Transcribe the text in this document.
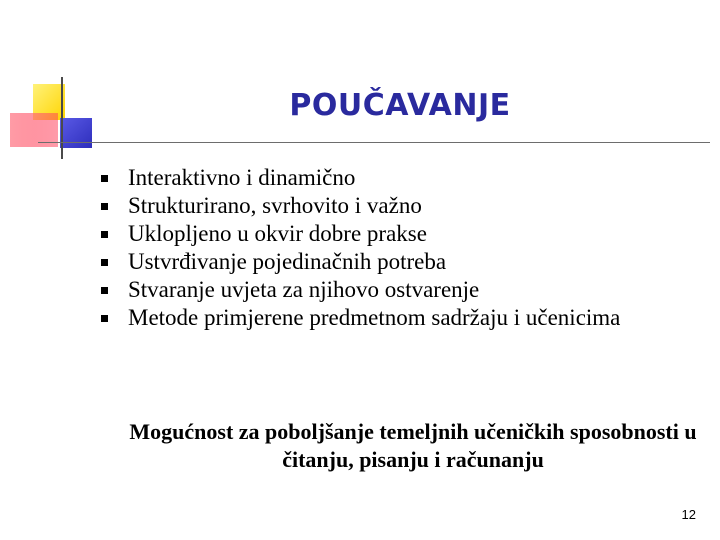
POUČAVANJE
Interaktivno i dinamično
Strukturirano, svrhovito i važno
Uklopljeno u okvir dobre prakse
Ustvrđivanje pojedinačnih potreba
Stvaranje uvjeta za njihovo ostvarenje
Metode primjerene predmetnom sadržaju i učenicima
Mogućnost za poboljšanje temeljnih učeničkih sposobnosti u čitanju, pisanju i računanju
12
